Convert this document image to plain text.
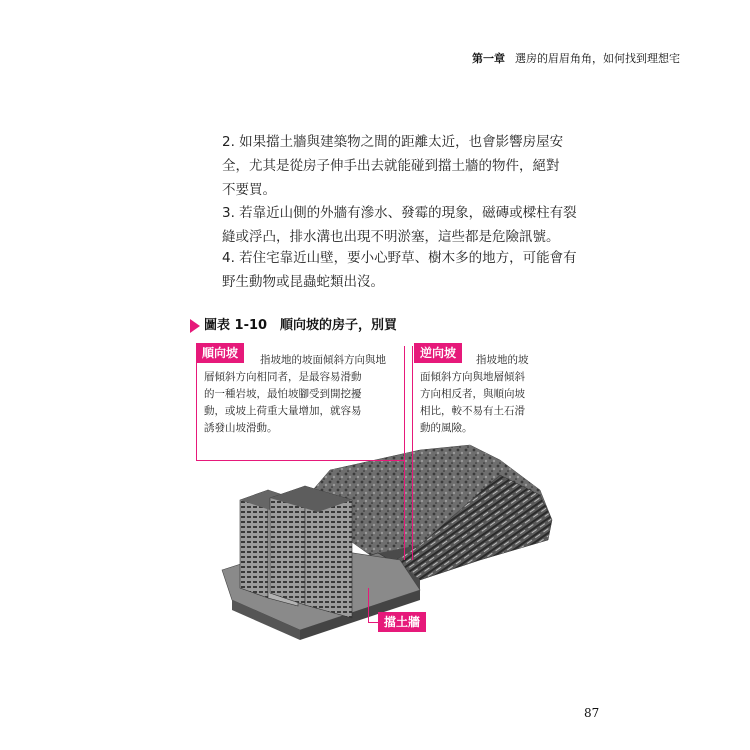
第一章 選房的眉眉角角，如何找到理想宅
2. 如果擋土牆與建築物之間的距離太近，也會影響房屋安
全，尤其是從房子伸手出去就能碰到擋土牆的物件，絕對
不要買。
3. 若靠近山側的外牆有滲水、發霉的現象，磁磚或樑柱有裂
縫或浮凸，排水溝也出現不明淤塞，這些都是危險訊號。
4. 若住宅靠近山壁，要小心野草、樹木多的地方，可能會有
野生動物或昆蟲蛇類出沒。
圖表 1-10　順向坡的房子，別買
順向坡	指坡地的坡面傾斜方向與地
層傾斜方向相同者，是最容易滑動
的一種岩坡，最怕坡腳受到開挖擾
動，或坡上荷重大量增加，就容易
誘發山坡滑動。
逆向坡	指坡地的坡
面傾斜方向與地層傾斜
方向相反者，與順向坡
相比，較不易有土石滑
動的風險。
擋土牆
87
